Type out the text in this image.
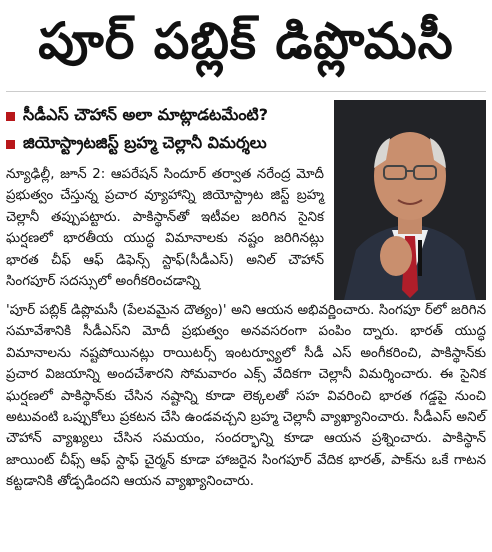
పూర్ పబ్లిక్ డిప్లొమసీ
సీడీఎస్ చౌహాన్ అలా మాట్లాడటమేంటి?
జియోస్ట్రాటజిస్ట్ బ్రహ్మ చెల్లానీ విమర్శలు

న్యూఢిల్లీ, జూన్ 2: ఆపరేషన్ సిందూర్ తర్వాత నరేంద్ర మోదీ ప్రభుత్వం చేస్తున్న ప్రచార వ్యూహాన్ని జియోస్ట్రాట జిస్ట్ బ్రహ్మ చెల్లానీ తప్పుపట్టారు. పాకిస్థాన్‌తో ఇటీవల జరిగిన సైనిక ఘర్షణలో భారతీయ యుద్ధ విమానాలకు నష్టం జరిగినట్లు భారత చీఫ్ ఆఫ్ డిఫెన్స్ స్టాఫ్(సీడీఎస్) అనిల్ చౌహాన్ సింగపూర్ సదస్సులో అంగీకరించడాన్ని

'పూర్ పబ్లిక్ డిప్లొమసీ (పేలవమైన దౌత్యం)' అని ఆయన అభివర్ణించారు. సింగపూ ర్‌లో జరిగిన సమావేశానికి సీడీఎస్‌ని మోదీ ప్రభుత్వం అనవసరంగా పంపిం ద్నారు. భారత్ యుద్ధ విమానాలను నష్టపోయినట్లు రాయిటర్స్ ఇంటర్వ్యూలో సీడీ ఎస్ అంగీకరించి, పాకిస్థాన్‌కు ప్రచార విజయాన్ని అందచేశారని సోమవారం ఎక్స్ వేదికగా చెల్లానీ విమర్శించారు. ఈ సైనిక ఘర్షణలో పాకిస్థాన్‌కు చేసిన నష్టాన్ని కూడా లెక్కలతో సహ వివరించి భారత గడ్డపై నుంచి అటువంటి ఒప్పుకోలు ప్రకటన చేసి ఉండవచ్చని బ్రహ్మ చెల్లానీ వ్యాఖ్యానించారు. సీడీఎస్ అనిల్ చౌహాన్ వ్యాఖ్యలు చేసిన సమయం, సందర్భాన్ని కూడా ఆయన ప్రశ్నించారు. పాకిస్థాన్ జాయింట్ చీఫ్స్ ఆఫ్ స్టాఫ్ చైర్మన్ కూడా హాజరైన సింగపూర్ వేదిక భారత్, పాక్‌ను ఒకే గాటన కట్టడానికి తోడ్పడిందని ఆయన వ్యాఖ్యానించారు.
